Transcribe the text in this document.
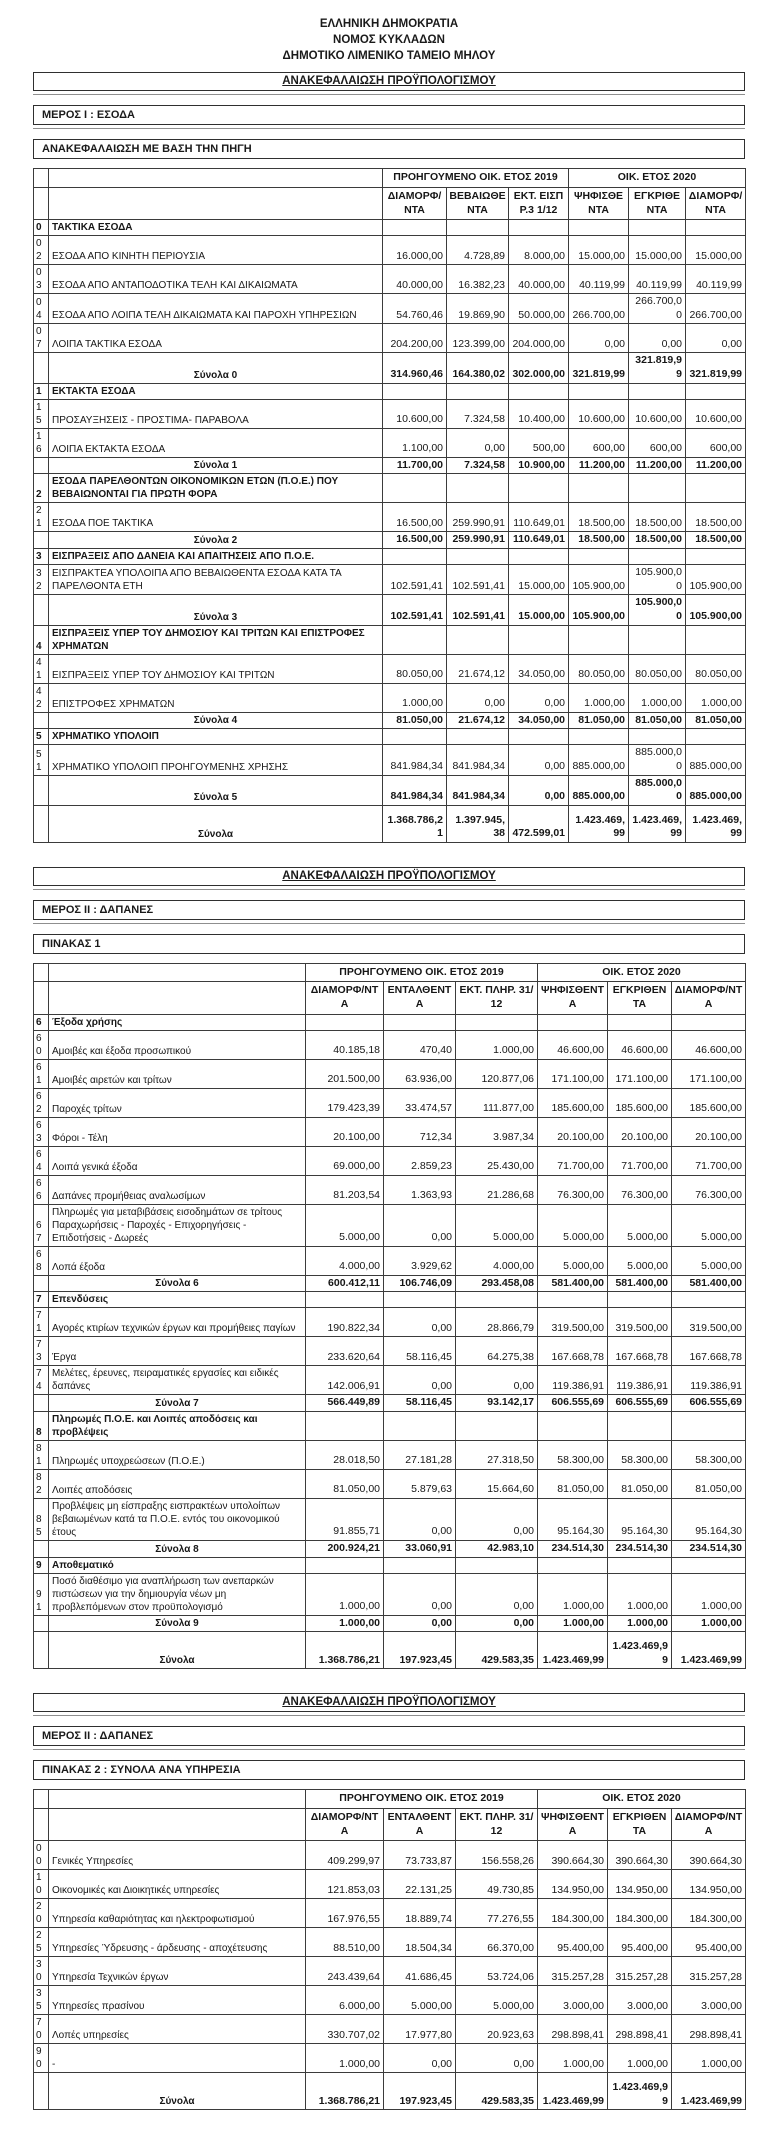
ΕΛΛΗΝΙΚΗ ΔΗΜΟΚΡΑΤΙΑ
ΝΟΜΟΣ ΚΥΚΛΑΔΩΝ
ΔΗΜΟΤΙΚΟ ΛΙΜΕΝΙΚΟ ΤΑΜΕΙΟ ΜΗΛΟΥ
ΑΝΑΚΕΦΑΛΑΙΩΣΗ ΠΡΟΫΠΟΛΟΓΙΣΜΟΥ
ΜΕΡΟΣ Ι : ΕΣΟΔΑ
ΑΝΑΚΕΦΑΛΑΙΩΣΗ ΜΕ ΒΑΣΗ ΤΗΝ ΠΗΓΗ
		ΠΡΟΗΓΟΥΜΕΝΟ ΟΙΚ. ΕΤΟΣ 2019			ΟΙΚ. ΕΤΟΣ 2020		
		ΔΙΑΜΟΡΦ/ΝΤΑ	ΒΕΒΑΙΩΘΕΝΤΑ	ΕΚΤ. ΕΙΣΠΡ.3 1/12	ΨΗΦΙΣΘΕΝΤΑ	ΕΓΚΡΙΘΕΝΤΑ	ΔΙΑΜΟΡΦ/ΝΤΑ
0	ΤΑΚΤΙΚΑ ΕΣΟΔΑ						
02	ΕΣΟΔΑ ΑΠΟ ΚΙΝΗΤΗ ΠΕΡΙΟΥΣΙΑ	16.000,00	4.728,89	8.000,00	15.000,00	15.000,00	15.000,00
03	ΕΣΟΔΑ ΑΠΟ ΑΝΤΑΠΟΔΟΤΙΚΑ ΤΕΛΗ ΚΑΙ ΔΙΚΑΙΩΜΑΤΑ	40.000,00	16.382,23	40.000,00	40.119,99	40.119,99	40.119,99
04	ΕΣΟΔΑ ΑΠΟ ΛΟΙΠΑ ΤΕΛΗ ΔΙΚΑΙΩΜΑΤΑ ΚΑΙ ΠΑΡΟΧΗ ΥΠΗΡΕΣΙΩΝ	54.760,46	19.869,90	50.000,00	266.700,00	266.700,00	266.700,00
07	ΛΟΙΠΑ ΤΑΚΤΙΚΑ ΕΣΟΔΑ	204.200,00	123.399,00	204.000,00	0,00	0,00	0,00
	Σύνολα 0	314.960,46	164.380,02	302.000,00	321.819,99	321.819,99	321.819,99
1	ΕΚΤΑΚΤΑ ΕΣΟΔΑ						
15	ΠΡΟΣΑΥΞΗΣΕΙΣ - ΠΡΟΣΤΙΜΑ- ΠΑΡΑΒΟΛΑ	10.600,00	7.324,58	10.400,00	10.600,00	10.600,00	10.600,00
16	ΛΟΙΠΑ ΕΚΤΑΚΤΑ ΕΣΟΔΑ	1.100,00	0,00	500,00	600,00	600,00	600,00
	Σύνολα 1	11.700,00	7.324,58	10.900,00	11.200,00	11.200,00	11.200,00
2	ΕΣΟΔΑ ΠΑΡΕΛΘΟΝΤΩΝ ΟΙΚΟΝΟΜΙΚΩΝ ΕΤΩΝ (Π.Ο.Ε.) ΠΟΥ ΒΕΒΑΙΩΝΟΝΤΑΙ ΓΙΑ ΠΡΩΤΗ ΦΟΡΑ						
21	ΕΣΟΔΑ ΠΟΕ ΤΑΚΤΙΚΑ	16.500,00	259.990,91	110.649,01	18.500,00	18.500,00	18.500,00
	Σύνολα 2	16.500,00	259.990,91	110.649,01	18.500,00	18.500,00	18.500,00
3	ΕΙΣΠΡΑΞΕΙΣ ΑΠΟ ΔΑΝΕΙΑ ΚΑΙ ΑΠΑΙΤΗΣΕΙΣ ΑΠΟ Π.Ο.Ε.						
32	ΕΙΣΠΡΑΚΤΕΑ ΥΠΟΛΟΙΠΑ ΑΠΟ ΒΕΒΑΙΩΘΕΝΤΑ ΕΣΟΔΑ ΚΑΤΑ ΤΑ ΠΑΡΕΛΘΟΝΤΑ ΕΤΗ	102.591,41	102.591,41	15.000,00	105.900,00	105.900,00	105.900,00
	Σύνολα 3	102.591,41	102.591,41	15.000,00	105.900,00	105.900,00	105.900,00
4	ΕΙΣΠΡΑΞΕΙΣ ΥΠΕΡ ΤΟΥ ΔΗΜΟΣΙΟΥ ΚΑΙ ΤΡΙΤΩΝ ΚΑΙ ΕΠΙΣΤΡΟΦΕΣ ΧΡΗΜΑΤΩΝ						
41	ΕΙΣΠΡΑΞΕΙΣ ΥΠΕΡ ΤΟΥ ΔΗΜΟΣΙΟΥ ΚΑΙ ΤΡΙΤΩΝ	80.050,00	21.674,12	34.050,00	80.050,00	80.050,00	80.050,00
42	ΕΠΙΣΤΡΟΦΕΣ ΧΡΗΜΑΤΩΝ	1.000,00	0,00	0,00	1.000,00	1.000,00	1.000,00
	Σύνολα 4	81.050,00	21.674,12	34.050,00	81.050,00	81.050,00	81.050,00
5	ΧΡΗΜΑΤΙΚΟ ΥΠΟΛΟΙΠ						
51	ΧΡΗΜΑΤΙΚΟ ΥΠΟΛΟΙΠ ΠΡΟΗΓΟΥΜΕΝΗΣ ΧΡΗΣΗΣ	841.984,34	841.984,34	0,00	885.000,00	885.000,00	885.000,00
	Σύνολα 5	841.984,34	841.984,34	0,00	885.000,00	885.000,00	885.000,00
	Σύνολα	1.368.786,21	1.397.945,38	472.599,01	1.423.469,99	1.423.469,99	1.423.469,99
ΑΝΑΚΕΦΑΛΑΙΩΣΗ ΠΡΟΫΠΟΛΟΓΙΣΜΟΥ
ΜΕΡΟΣ ΙΙ : ΔΑΠΑΝΕΣ
ΠΙΝΑΚΑΣ 1
		ΠΡΟΗΓΟΥΜΕΝΟ ΟΙΚ. ΕΤΟΣ 2019			ΟΙΚ. ΕΤΟΣ 2020		
		ΔΙΑΜΟΡΦ/ΝΤΑ	ΕΝΤΑΛΘΕΝΤΑ	ΕΚΤ. ΠΛΗΡ. 31/12	ΨΗΦΙΣΘΕΝΤΑ	ΕΓΚΡΙΘΕΝΤΑ	ΔΙΑΜΟΡΦ/ΝΤΑ
6	Έξοδα χρήσης						
60	Αμοιβές και έξοδα προσωπικού	40.185,18	470,40	1.000,00	46.600,00	46.600,00	46.600,00
61	Αμοιβές αιρετών και τρίτων	201.500,00	63.936,00	120.877,06	171.100,00	171.100,00	171.100,00
62	Παροχές τρίτων	179.423,39	33.474,57	111.877,00	185.600,00	185.600,00	185.600,00
63	Φόροι - Τέλη	20.100,00	712,34	3.987,34	20.100,00	20.100,00	20.100,00
64	Λοιπά γενικά έξοδα	69.000,00	2.859,23	25.430,00	71.700,00	71.700,00	71.700,00
66	Δαπάνες προμήθειας αναλωσίμων	81.203,54	1.363,93	21.286,68	76.300,00	76.300,00	76.300,00
67	Πληρωμές για μεταβιβάσεις εισοδημάτων σε τρίτους Παραχωρήσεις - Παροχές - Επιχορηγήσεις - Επιδοτήσεις - Δωρεές	5.000,00	0,00	5.000,00	5.000,00	5.000,00	5.000,00
68	Λοπά έξοδα	4.000,00	3.929,62	4.000,00	5.000,00	5.000,00	5.000,00
	Σύνολα 6	600.412,11	106.746,09	293.458,08	581.400,00	581.400,00	581.400,00
7	Επενδύσεις						
71	Αγορές κτιρίων τεχνικών έργων και προμήθειες παγίων	190.822,34	0,00	28.866,79	319.500,00	319.500,00	319.500,00
73	Έργα	233.620,64	58.116,45	64.275,38	167.668,78	167.668,78	167.668,78
74	Μελέτες, έρευνες, πειραματικές εργασίες και ειδικές δαπάνες	142.006,91	0,00	0,00	119.386,91	119.386,91	119.386,91
	Σύνολα 7	566.449,89	58.116,45	93.142,17	606.555,69	606.555,69	606.555,69
8	Πληρωμές Π.Ο.Ε. και Λοιπές αποδόσεις και προβλέψεις						
81	Πληρωμές υποχρεώσεων (Π.Ο.Ε.)	28.018,50	27.181,28	27.318,50	58.300,00	58.300,00	58.300,00
82	Λοιπές αποδόσεις	81.050,00	5.879,63	15.664,60	81.050,00	81.050,00	81.050,00
85	Προβλέψεις μη είσπραξης εισπρακτέων υπολοίπων βεβαιωμένων κατά τα Π.Ο.Ε. εντός του οικονομικού έτους	91.855,71	0,00	0,00	95.164,30	95.164,30	95.164,30
	Σύνολα 8	200.924,21	33.060,91	42.983,10	234.514,30	234.514,30	234.514,30
9	Αποθεματικό						
91	Ποσό διαθέσιμο για αναπλήρωση των ανεπαρκών πιστώσεων για την δημιουργία νέων μη προβλεπόμενων στον προϋπολογισμό	1.000,00	0,00	0,00	1.000,00	1.000,00	1.000,00
	Σύνολα 9	1.000,00	0,00	0,00	1.000,00	1.000,00	1.000,00
	Σύνολα	1.368.786,21	197.923,45	429.583,35	1.423.469,99	1.423.469,99	1.423.469,99
ΑΝΑΚΕΦΑΛΑΙΩΣΗ ΠΡΟΫΠΟΛΟΓΙΣΜΟΥ
ΜΕΡΟΣ ΙΙ : ΔΑΠΑΝΕΣ
ΠΙΝΑΚΑΣ 2 : ΣΥΝΟΛΑ ΑΝΑ ΥΠΗΡΕΣΙΑ
		ΠΡΟΗΓΟΥΜΕΝΟ ΟΙΚ. ΕΤΟΣ 2019			ΟΙΚ. ΕΤΟΣ 2020		
		ΔΙΑΜΟΡΦ/ΝΤΑ	ΕΝΤΑΛΘΕΝΤΑ	ΕΚΤ. ΠΛΗΡ. 31/12	ΨΗΦΙΣΘΕΝΤΑ	ΕΓΚΡΙΘΕΝΤΑ	ΔΙΑΜΟΡΦ/ΝΤΑ
00	Γενικές Υπηρεσίες	409.299,97	73.733,87	156.558,26	390.664,30	390.664,30	390.664,30
10	Οικονομικές και Διοικητικές υπηρεσίες	121.853,03	22.131,25	49.730,85	134.950,00	134.950,00	134.950,00
20	Υπηρεσία καθαριότητας και ηλεκτροφωτισμού	167.976,55	18.889,74	77.276,55	184.300,00	184.300,00	184.300,00
25	Υπηρεσίες Ύδρευσης - άρδευσης - αποχέτευσης	88.510,00	18.504,34	66.370,00	95.400,00	95.400,00	95.400,00
30	Υπηρεσία Τεχνικών έργων	243.439,64	41.686,45	53.724,06	315.257,28	315.257,28	315.257,28
35	Υπηρεσίες πρασίνου	6.000,00	5.000,00	5.000,00	3.000,00	3.000,00	3.000,00
70	Λοπές υπηρεσίες	330.707,02	17.977,80	20.923,63	298.898,41	298.898,41	298.898,41
90	-	1.000,00	0,00	0,00	1.000,00	1.000,00	1.000,00
	Σύνολα	1.368.786,21	197.923,45	429.583,35	1.423.469,99	1.423.469,99	1.423.469,99
